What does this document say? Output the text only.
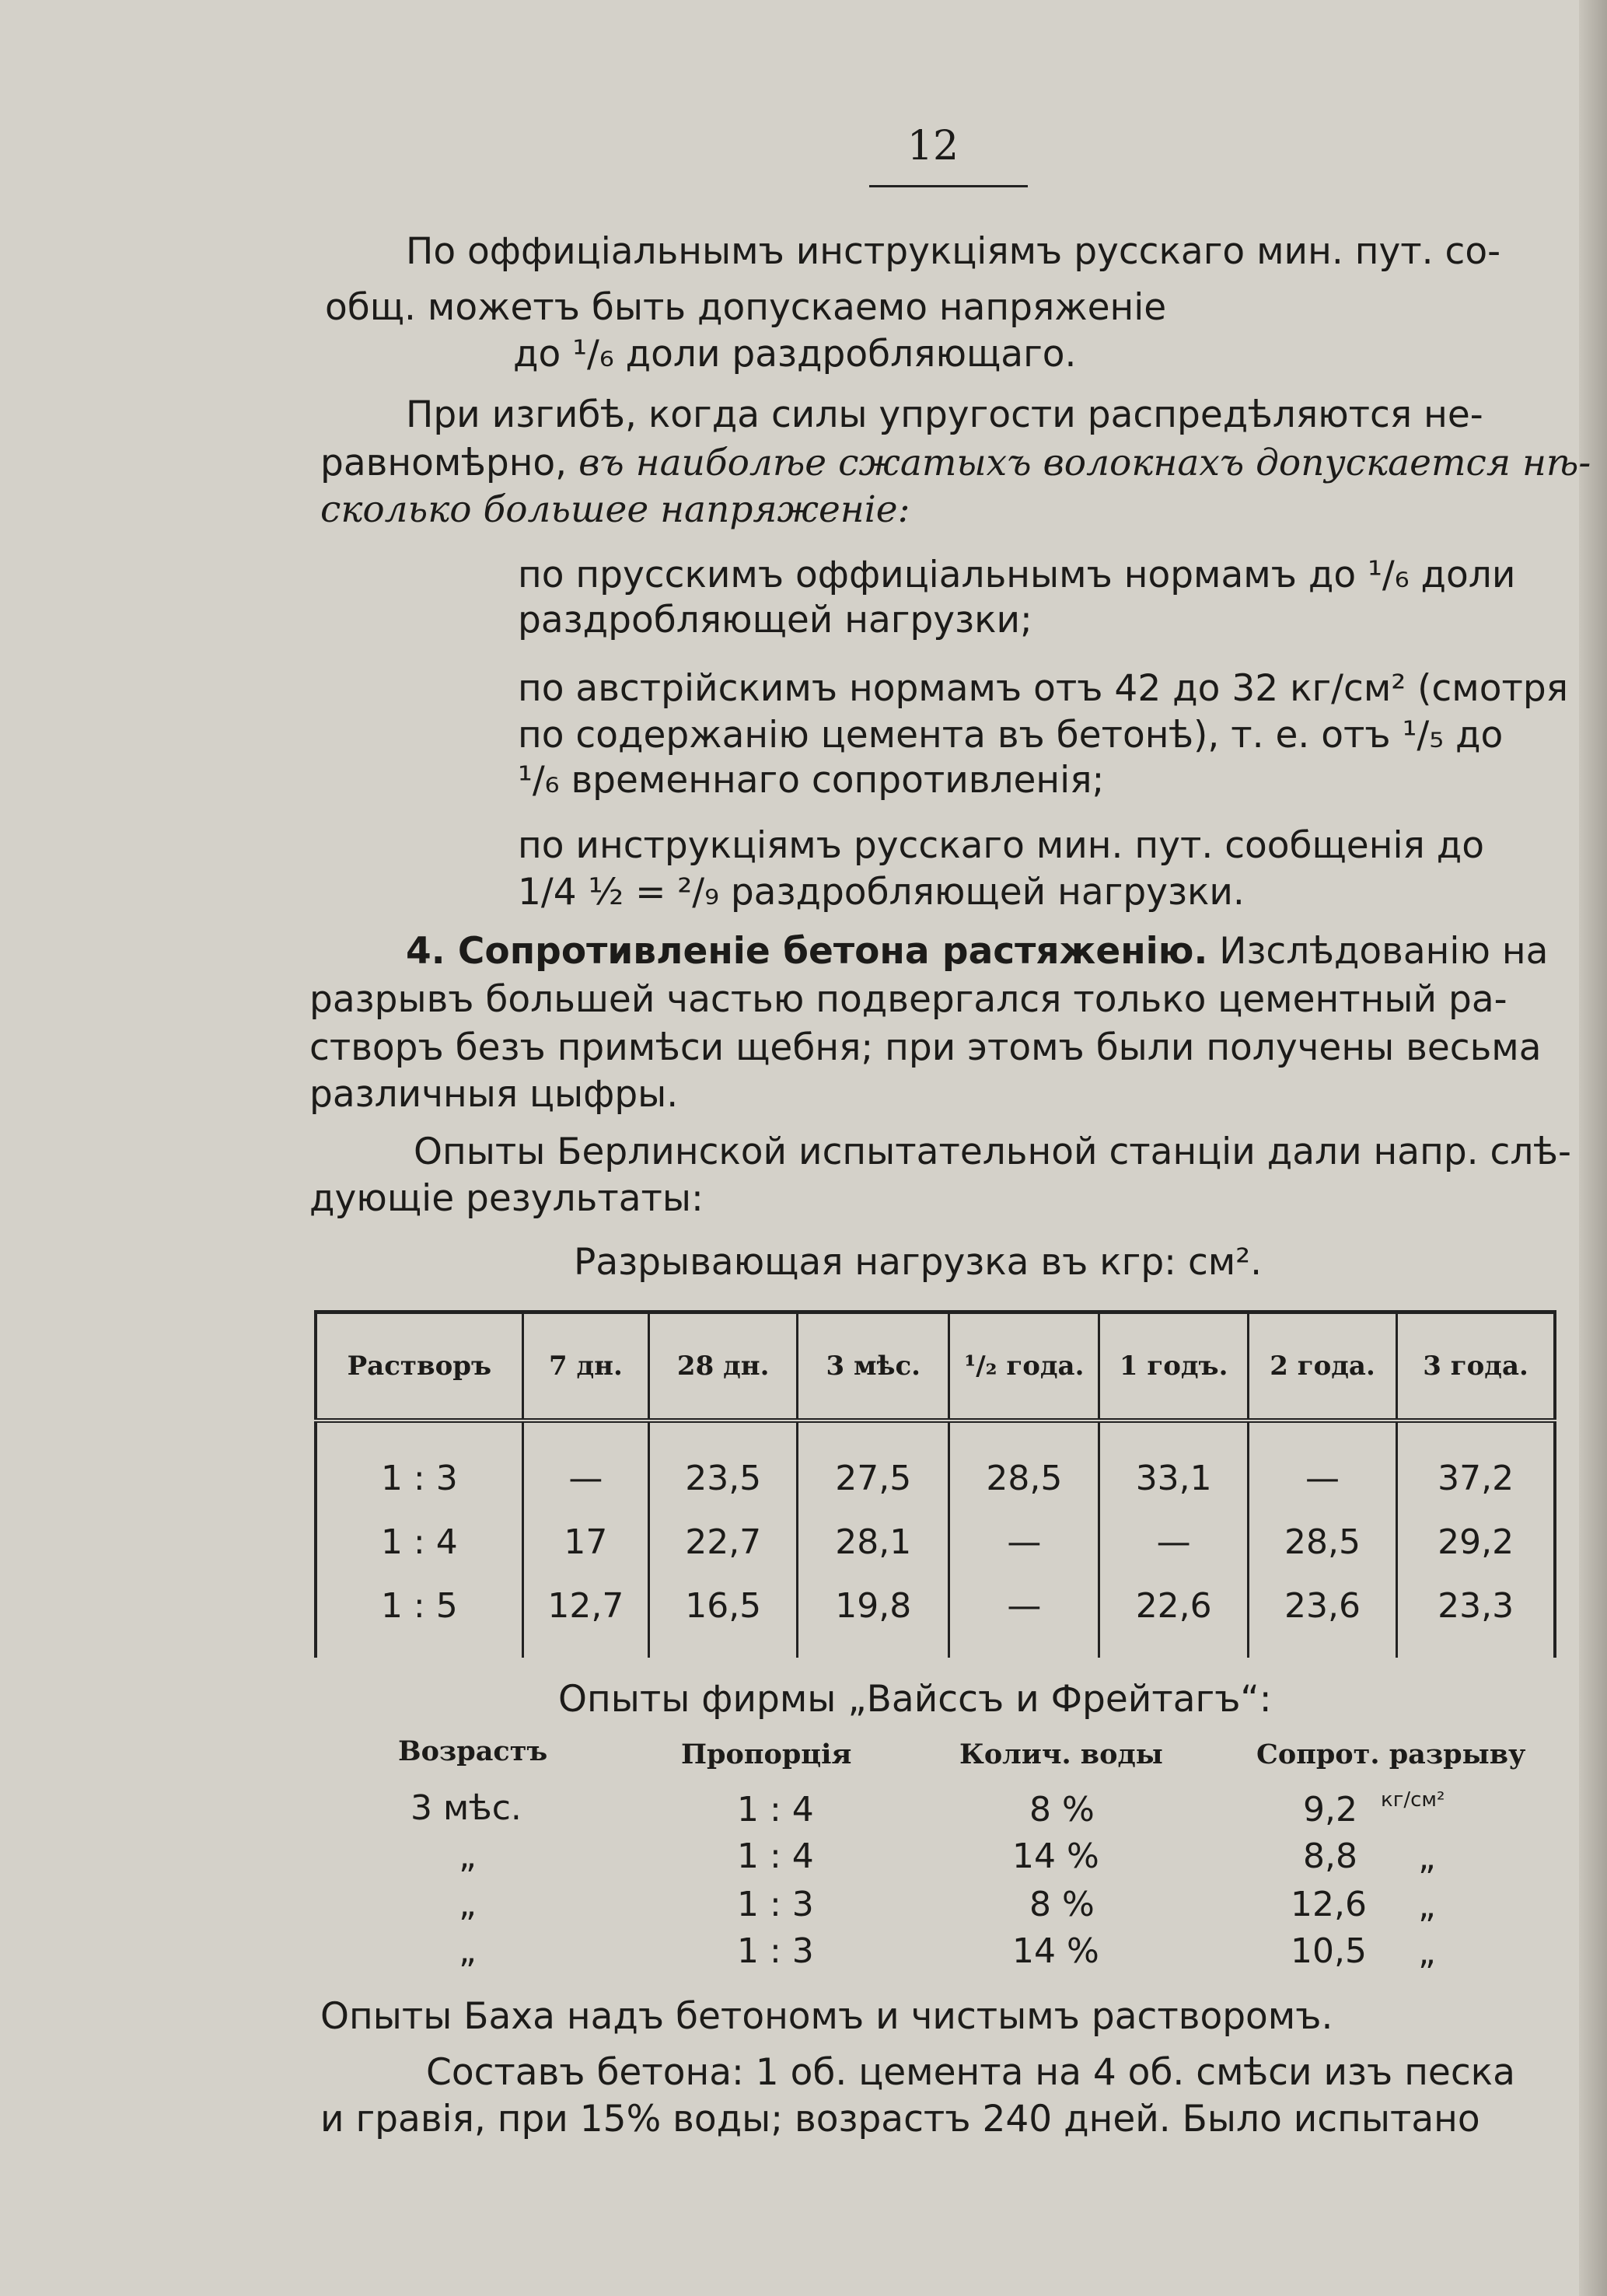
12
По оффиціальнымъ инструкціямъ русскаго мин. пут. со-
общ. можетъ быть допускаемо напряженіе
до ¹/₆ доли раздробляющаго.
При изгибѣ, когда силы упругости распредѣляются не-
равномѣрно, въ наиболѣе сжатыхъ волокнахъ допускается нѣ-
сколько большее напряженіе:
по прусскимъ оффиціальнымъ нормамъ до ¹/₆ доли
раздробляющей нагрузки;
по австрійскимъ нормамъ отъ 42 до 32 кг/см² (смотря
по содержанію цемента въ бетонѣ), т. е. отъ ¹/₅ до
¹/₆ временнаго сопротивленія;
по инструкціямъ русскаго мин. пут. сообщенія до
1/4 ½ = ²/₉ раздробляющей нагрузки.
4. Сопротивленіе бетона растяженію. Изслѣдованію на
разрывъ большей частью подвергался только цементный ра-
створъ безъ примѣси щебня; при этомъ были получены весьма
различныя цыфры.
Опыты Берлинской испытательной станціи дали напр. слѣ-
дующіе результаты:
Разрывающая нагрузка въ кгр: см².
Растворъ	7 дн.	28 дн.	3 мѣс.	¹/₂ года.	1 годъ.	2 года.	3 года.
1 : 3	—	23,5	27,5	28,5	33,1	—	37,2
1 : 4	17	22,7	28,1	—	—	28,5	29,2
1 : 5	12,7	16,5	19,8	—	22,6	23,6	23,3
Опыты фирмы „Вайссъ и Фрейтагъ“:
Возрастъ	Пропорція	Колич. воды	Сопрот. разрыву
3 мѣс.	1 : 4	8 %	9,2 кг/см²
„	1 : 4	14 %	8,8 „
„	1 : 3	8 %	12,6 „
„	1 : 3	14 %	10,5 „
Опыты Баха надъ бетономъ и чистымъ растворомъ.
Составъ бетона: 1 об. цемента на 4 об. смѣси изъ песка
и гравія, при 15% воды; возрастъ 240 дней. Было испытано
